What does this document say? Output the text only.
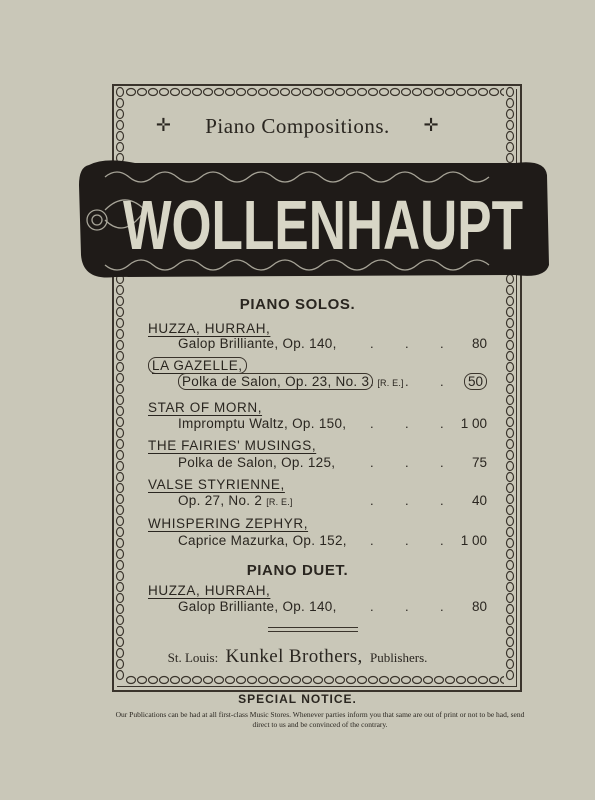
✛ Piano Compositions. ✛
WOLLENHAUPT
PIANO SOLOS.
HUZZA, HURRAH,
Galop Brilliante, Op. 140,	80
LA GAZELLE,
Polka de Salon, Op. 23, No. 3 [R. E.]	50
STAR OF MORN,
Impromptu Waltz, Op. 150,	1 00
THE FAIRIES' MUSINGS,
Polka de Salon, Op. 125,	75
VALSE STYRIENNE,
Op. 27, No. 2 [R. E.]	40
WHISPERING ZEPHYR,
Caprice Mazurka, Op. 152,	1 00
PIANO DUET.
HUZZA, HURRAH,
Galop Brilliante, Op. 140,	80
. . .
. . .
. . .
. . .
. . .
. . .
. . .
St. Louis: Kunkel Brothers, Publishers.
SPECIAL NOTICE.
Our Publications can be had at all first-class Music Stores. Whenever parties inform you that same are out of print or not to be had, send direct to us and be convinced of the contrary.
